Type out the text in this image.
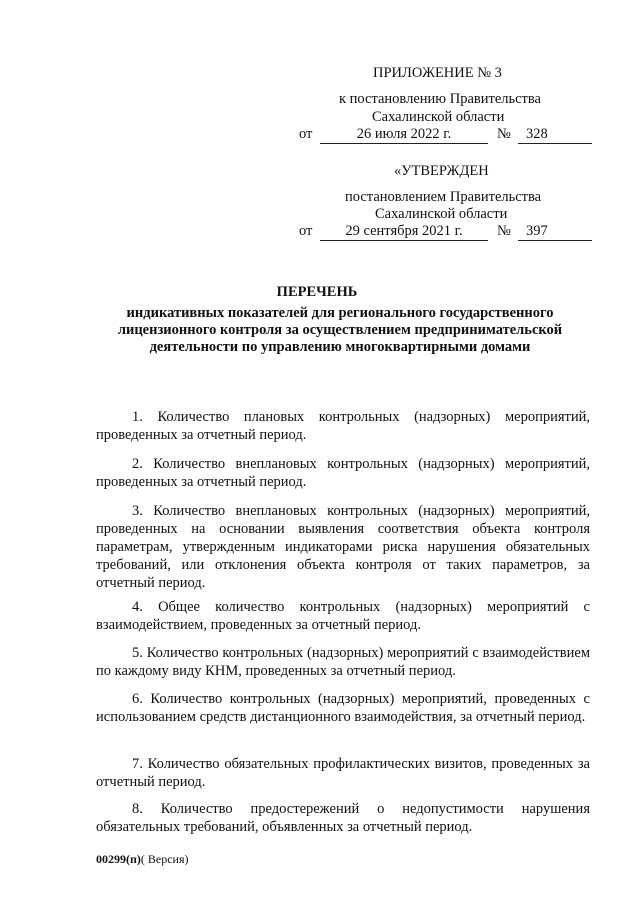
ПРИЛОЖЕНИЕ № 3
к постановлению Правительства
Сахалинской области
от	26 июля 2022 г.	№ 328
«УТВЕРЖДЕН
постановлением Правительства
Сахалинской области
от	29 сентября 2021 г.	№ 397
ПЕРЕЧЕНЬ
индикативных показателей для регионального государственного
лицензионного контроля за осуществлением предпринимательской
деятельности по управлению многоквартирными домами
1. Количество плановых контрольных (надзорных) мероприятий, проведенных за отчетный период.
2. Количество внеплановых контрольных (надзорных) мероприятий, проведенных за отчетный период.
3. Количество внеплановых контрольных (надзорных) мероприятий, проведенных на основании выявления соответствия объекта контроля параметрам, утвержденным индикаторами риска нарушения обязательных требований, или отклонения объекта контроля от таких параметров, за отчетный период.
4. Общее количество контрольных (надзорных) мероприятий с взаимодействием, проведенных за отчетный период.
5. Количество контрольных (надзорных) мероприятий с взаимодействием по каждому виду КНМ, проведенных за отчетный период.
6. Количество контрольных (надзорных) мероприятий, проведенных с использованием средств дистанционного взаимодействия, за отчетный период.
7. Количество обязательных профилактических визитов, проведенных за отчетный период.
8. Количество предостережений о недопустимости нарушения обязательных требований, объявленных за отчетный период.
00299(п)( Версия)
